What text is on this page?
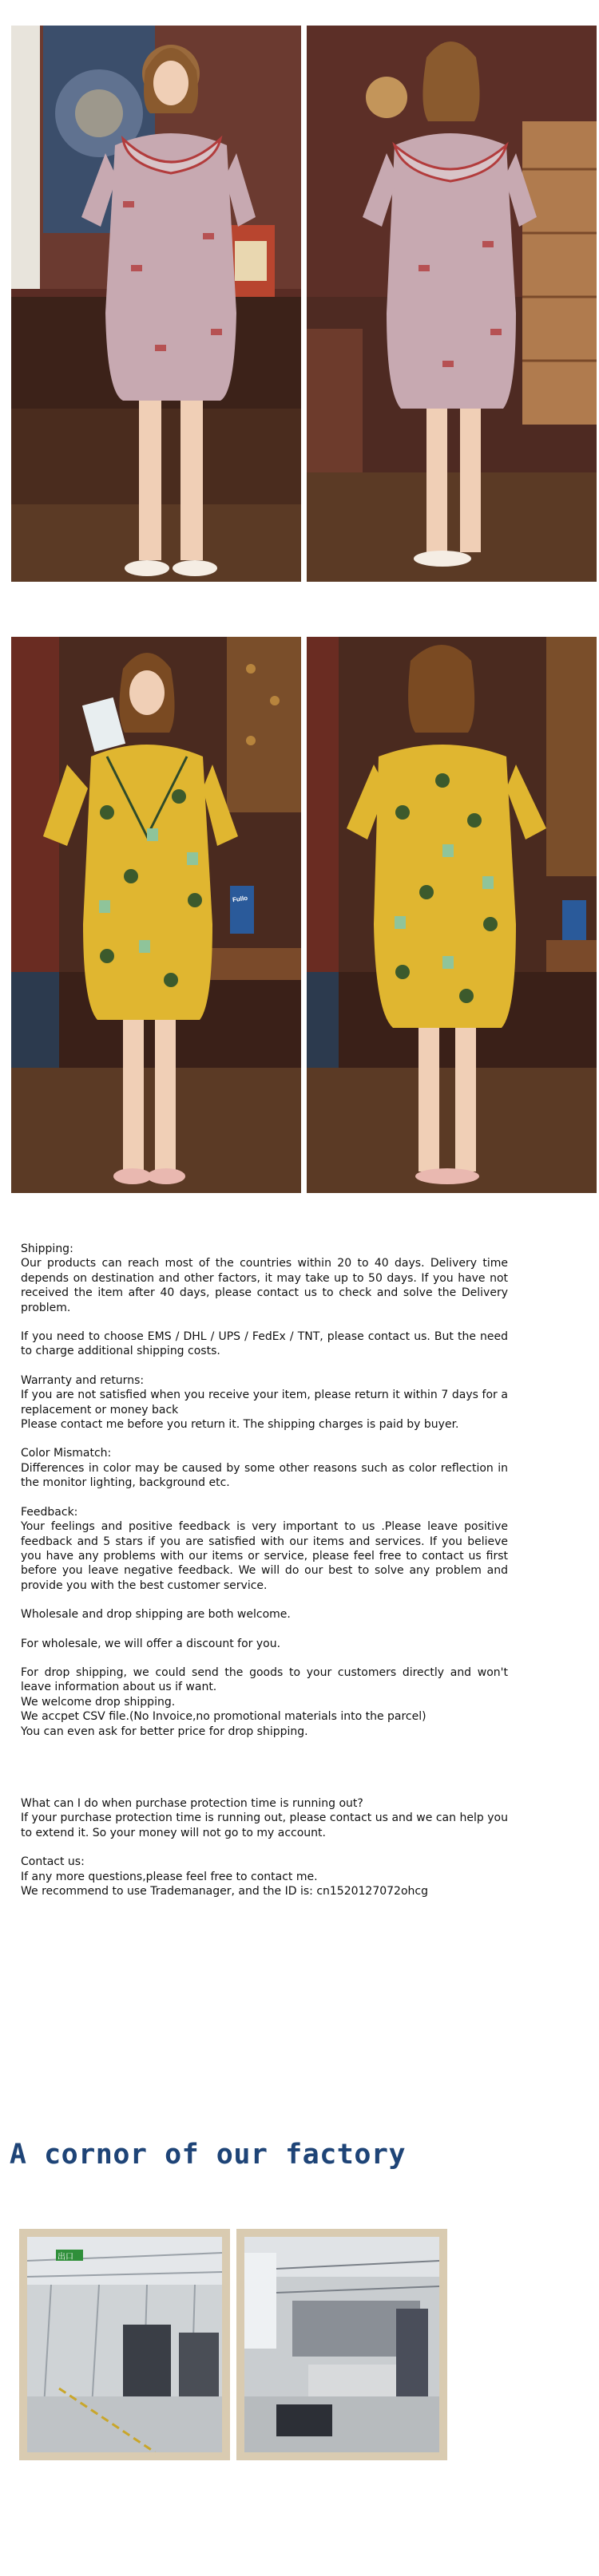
Fullo

Shipping:

Our products can reach most of the countries within 20 to 40 days. Delivery time depends on destination and other factors, it may take up to 50 days. If you have not received the item after 40 days, please contact us to check and solve the Delivery problem.

If you need to choose EMS / DHL / UPS / FedEx / TNT, please contact us. But the need to charge additional shipping costs.

Warranty and returns:

If you are not satisfied when you receive your item, please return it within 7 days for a replacement or money back

Please contact me before you return it. The shipping charges is paid by buyer.

Color Mismatch:

Differences in color may be caused by some other reasons such as color reflection in the monitor lighting, background etc.

Feedback:

Your feelings and positive feedback is very important to us .Please leave positive feedback and 5 stars if you are satisfied with our items and services. If you believe you have any problems with our items or service, please feel free to contact us first before you leave negative feedback. We will do our best to solve any problem and provide you with the best customer service.

Wholesale and drop shipping are both welcome.

For wholesale, we will offer a discount for you.

For drop shipping, we could send the goods to your customers directly and won't leave information about us if want.

We welcome drop shipping.

We accpet CSV file.(No Invoice,no promotional materials into the parcel)

You can even ask for better price for drop shipping.

What can I do when purchase protection time is running out?

If your purchase protection time is running out, please contact us and we can help you to extend it. So your money will not go to my account.

Contact us:

If any more questions,please feel free to contact me.

We recommend to use Trademanager, and the ID is: cn1520127072ohcg

A cornor of our factory
出口
